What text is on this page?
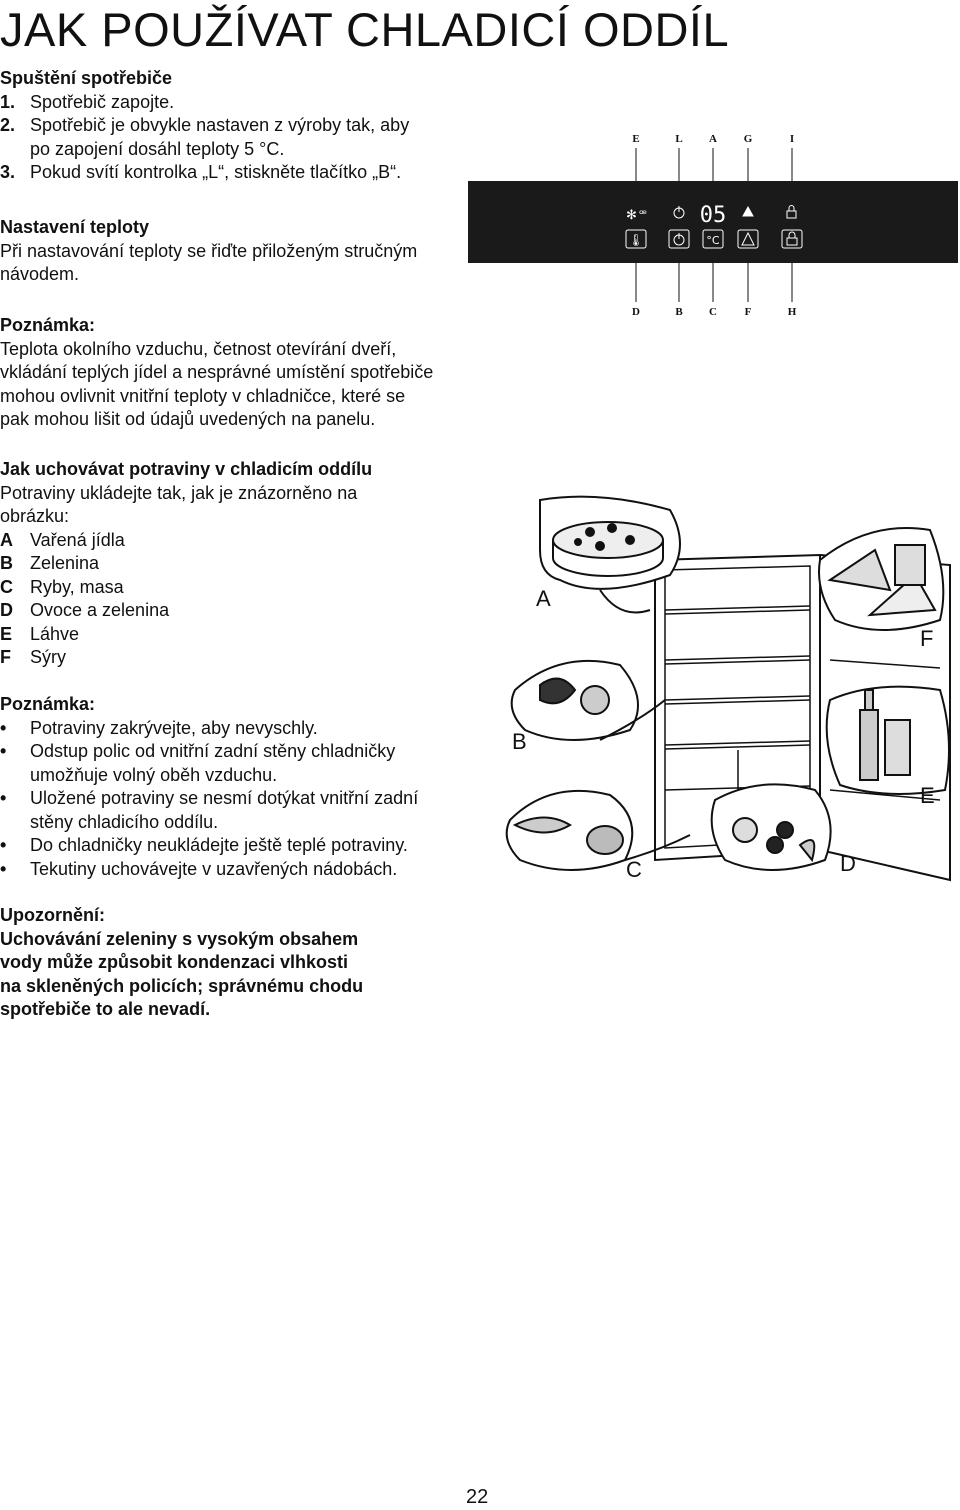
JAK POUŽÍVAT CHLADICÍ ODDÍL
Spuštění spotřebiče
1. Spotřebič zapojte.
2. Spotřebič je obvykle nastaven z výroby tak, aby
po zapojení dosáhl teploty 5 °C.
3. Pokud svítí kontrolka „L“, stiskněte tlačítko „B“.
Nastavení teploty
Při nastavování teploty se řiďte přiloženým stručným
návodem.
Poznámka:
Teplota okolního vzduchu, četnost otevírání dveří,
vkládání teplých jídel a nesprávné umístění spotřebiče
mohou ovlivnit vnitřní teploty v chladničce, které se
pak mohou lišit od údajů uvedených na panelu.
Jak uchovávat potraviny v chladicím oddílu
Potraviny ukládejte tak, jak je znázorněno na
obrázku:
A Vařená jídla
B Zelenina
C Ryby, masa
D Ovoce a zelenina
E Láhve
F	Sýry
Poznámka:
•	Potraviny zakrývejte, aby nevyschly.
•	Odstup polic od vnitřní zadní stěny chladničky
umožňuje volný oběh vzduchu.
•	Uložené potraviny se nesmí dotýkat vnitřní zadní
stěny chladicího oddílu.
•	Do chladničky neukládejte ještě teplé potraviny.
•	Tekutiny uchovávejte v uzavřených nádobách.
Upozornění:
Uchovávání zeleniny s vysokým obsahem
vody může způsobit kondenzaci vlhkosti
na skleněných policích; správnému chodu
spotřebiče to ale nevadí.
E	L A G	I
D	B C	F	H
✻ ꟹ 05
🌡	°C
A
B
C	D
E
F
22
